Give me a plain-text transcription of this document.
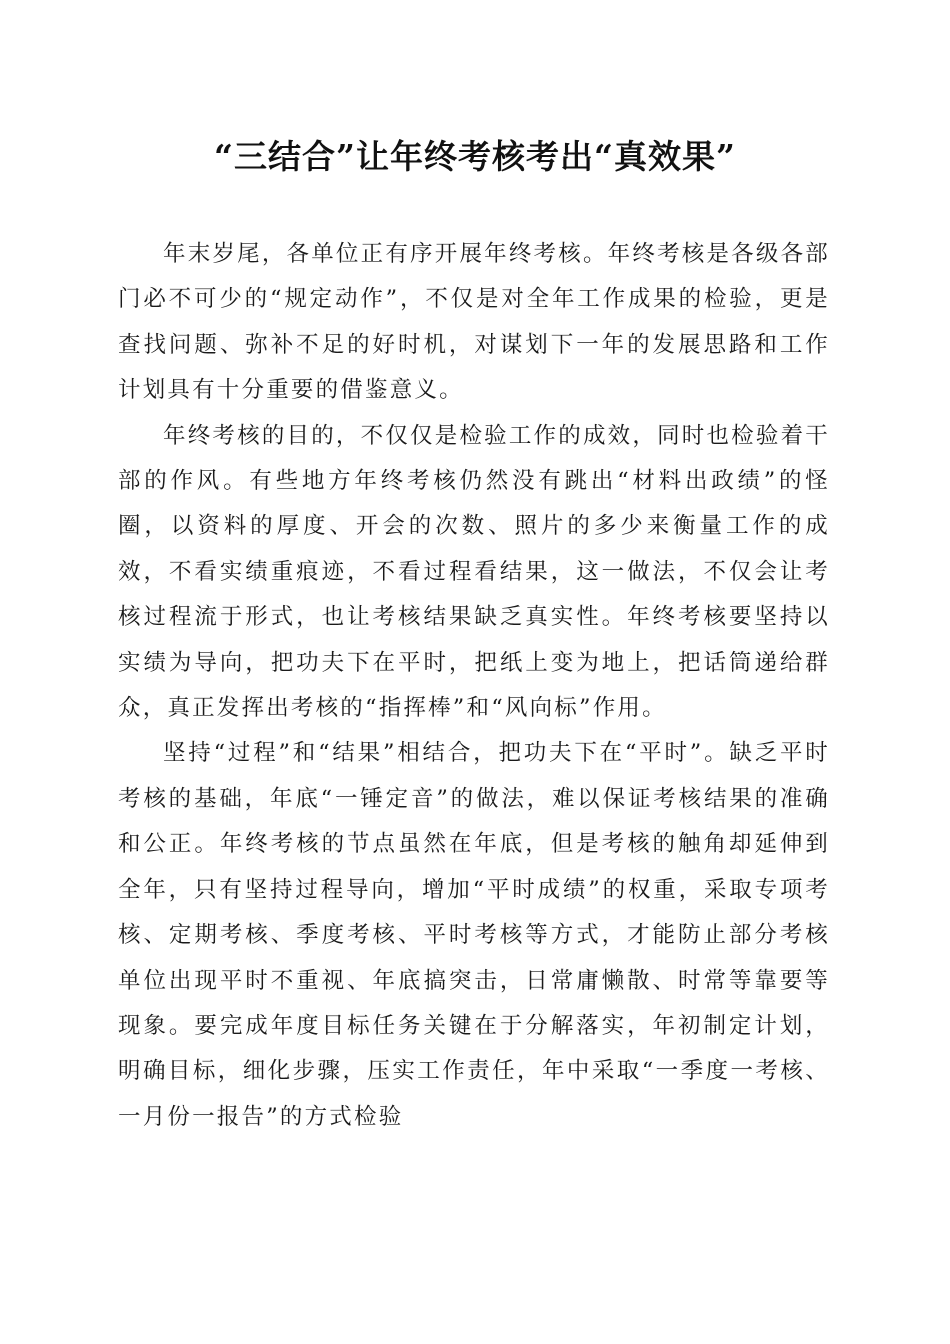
“三结合”让年终考核考出“真效果”

年末岁尾，各单位正有序开展年终考核。年终考核是各级各部门必不可少的“规定动作”，不仅是对全年工作成果的检验，更是查找问题、弥补不足的好时机，对谋划下一年的发展思路和工作计划具有十分重要的借鉴意义。

年终考核的目的，不仅仅是检验工作的成效，同时也检验着干部的作风。有些地方年终考核仍然没有跳出“材料出政绩”的怪圈，以资料的厚度、开会的次数、照片的多少来衡量工作的成效，不看实绩重痕迹，不看过程看结果，这一做法，不仅会让考核过程流于形式，也让考核结果缺乏真实性。年终考核要坚持以实绩为导向，把功夫下在平时，把纸上变为地上，把话筒递给群众，真正发挥出考核的“指挥棒”和“风向标”作用。

坚持“过程”和“结果”相结合，把功夫下在“平时”。缺乏平时考核的基础，年底“一锤定音”的做法，难以保证考核结果的准确和公正。年终考核的节点虽然在年底，但是考核的触角却延伸到全年，只有坚持过程导向，增加“平时成绩”的权重，采取专项考核、定期考核、季度考核、平时考核等方式，才能防止部分考核单位出现平时不重视、年底搞突击，日常庸懒散、时常等靠要等现象。要完成年度目标任务关键在于分解落实，年初制定计划，明确目标，细化步骤，压实工作责任，年中采取“一季度一考核、一月份一报告”的方式检验
